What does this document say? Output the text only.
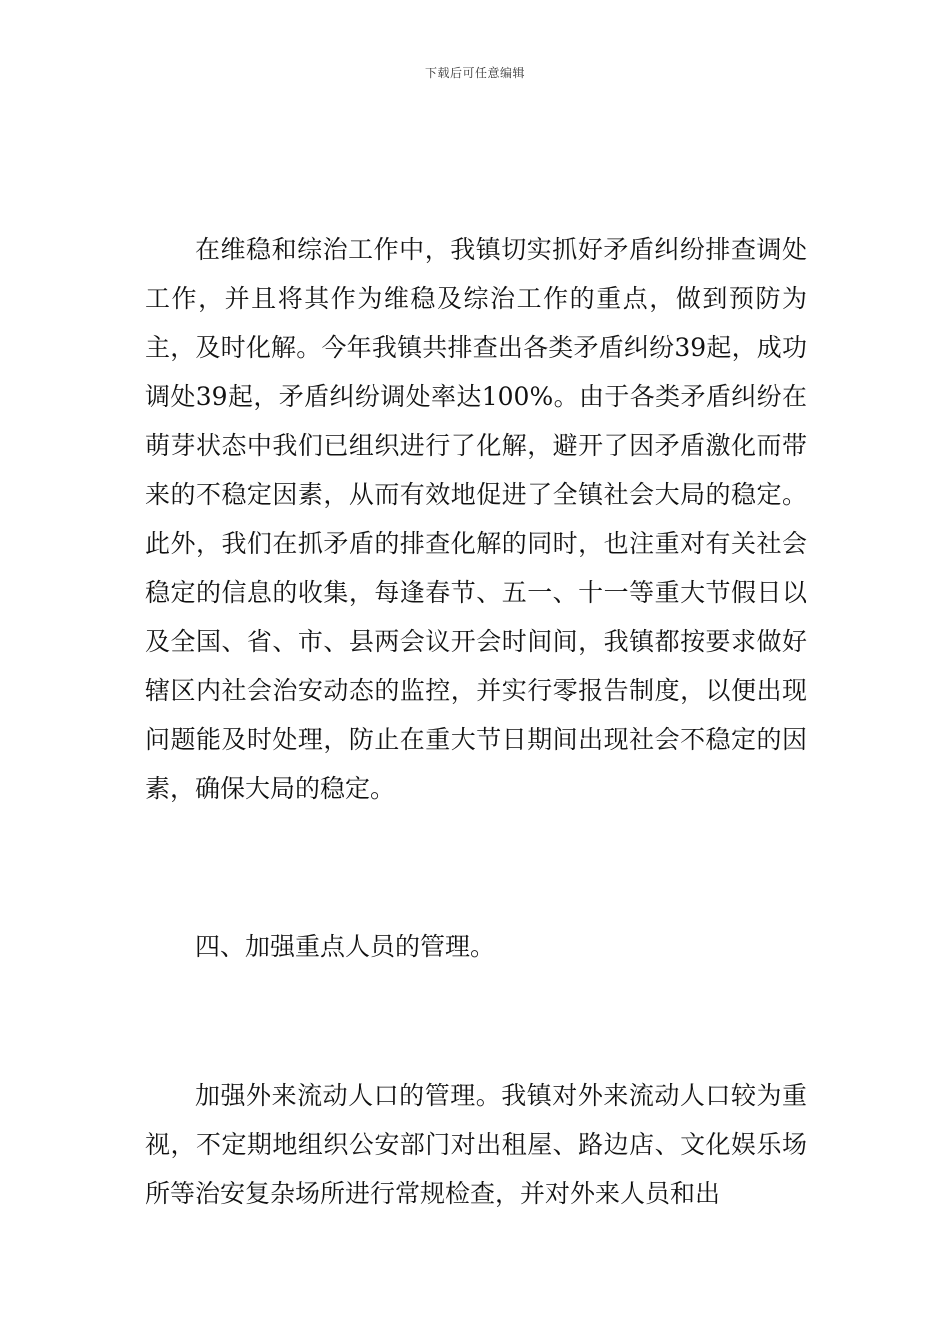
下载后可任意编辑

在维稳和综治工作中，我镇切实抓好矛盾纠纷排查调处工作，并且将其作为维稳及综治工作的重点，做到预防为主，及时化解。今年我镇共排查出各类矛盾纠纷39起，成功调处39起，矛盾纠纷调处率达100%。由于各类矛盾纠纷在萌芽状态中我们已组织进行了化解，避开了因矛盾激化而带来的不稳定因素，从而有效地促进了全镇社会大局的稳定。此外，我们在抓矛盾的排查化解的同时，也注重对有关社会稳定的信息的收集，每逢春节、五一、十一等重大节假日以及全国、省、市、县两会议开会时间间，我镇都按要求做好辖区内社会治安动态的监控，并实行零报告制度，以便出现问题能及时处理，防止在重大节日期间出现社会不稳定的因素，确保大局的稳定。

四、加强重点人员的管理。

加强外来流动人口的管理。我镇对外来流动人口较为重视，不定期地组织公安部门对出租屋、路边店、文化娱乐场所等治安复杂场所进行常规检查，并对外来人员和出
